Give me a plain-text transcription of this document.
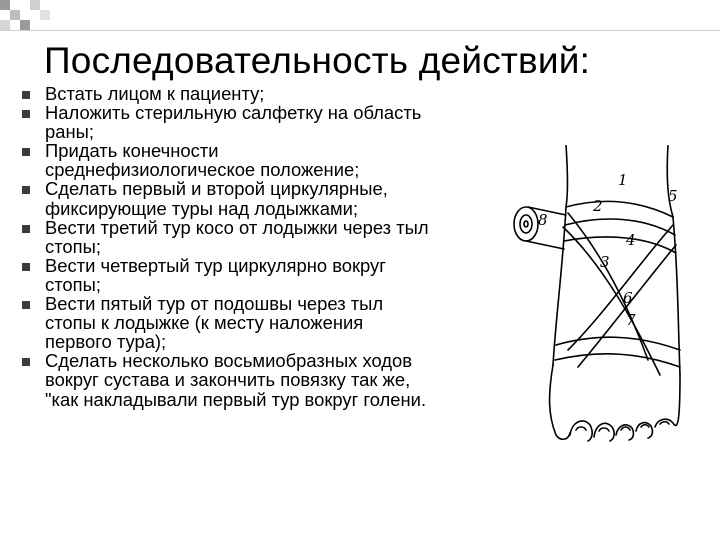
Последовательность действий:
Встать лицом к пациенту;
Наложить стерильную салфетку на область
раны;
Придать конечности
среднефизиологическое положение;
Сделать первый и второй циркулярные,
фиксирующие туры над лодыжками;
Вести третий тур косо от лодыжки через тыл
стопы;
Вести четвертый тур циркулярно вокруг
стопы;
Вести пятый тур от подошвы через тыл
стопы к лодыжке (к месту наложения
первого тура);
Сделать несколько восьмиобразных ходов
вокруг сустава и закончить повязку так же,
"как накладывали первый тур вокруг голени.
1
2
3
4
5
6
7
8
